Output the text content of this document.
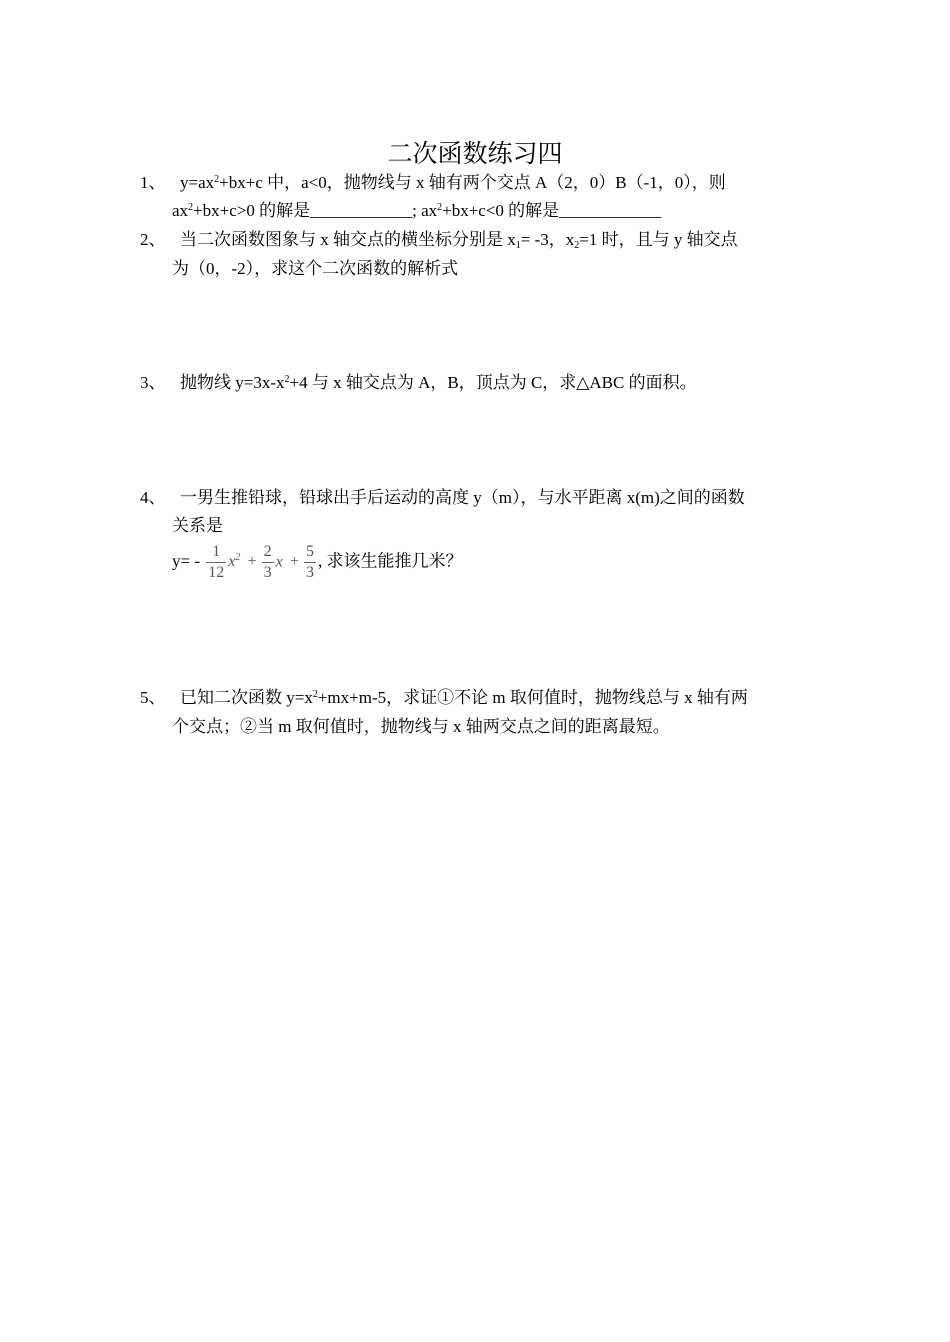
二次函数练习四
1、 $y=ax^2+bx+c$ 中，a<0，抛物线与 x 轴有两个交点 A（2，0）B（-1，0），则
$ax^2+bx+c>0$ 的解是____________; $ax^2+bx+c<0$ 的解是____________
2、 当二次函数图象与 x 轴交点的横坐标分别是 $x_1= -3$，$x_2=1$ 时，且与 y 轴交点
为（0，-2），求这个二次函数的解析式
3、 抛物线 $y=3x-x^2+4$ 与 x 轴交点为 A，B，顶点为 C，求△ABC 的面积。
4、 一男生推铅球，铅球出手后运动的高度 y（m），与水平距离 x(m)之间的函数
关系是
$y= - \frac{1}{12} x^2 + \frac{2}{3}$ $x + \frac{5}{3}$ , 求该生能推几米？
5、 已知二次函数 $y=x^2+mx+m-5$，求证①不论 m 取何值时，抛物线总与 x 轴有两
个交点；②当 m 取何值时，抛物线与 x 轴两交点之间的距离最短。
